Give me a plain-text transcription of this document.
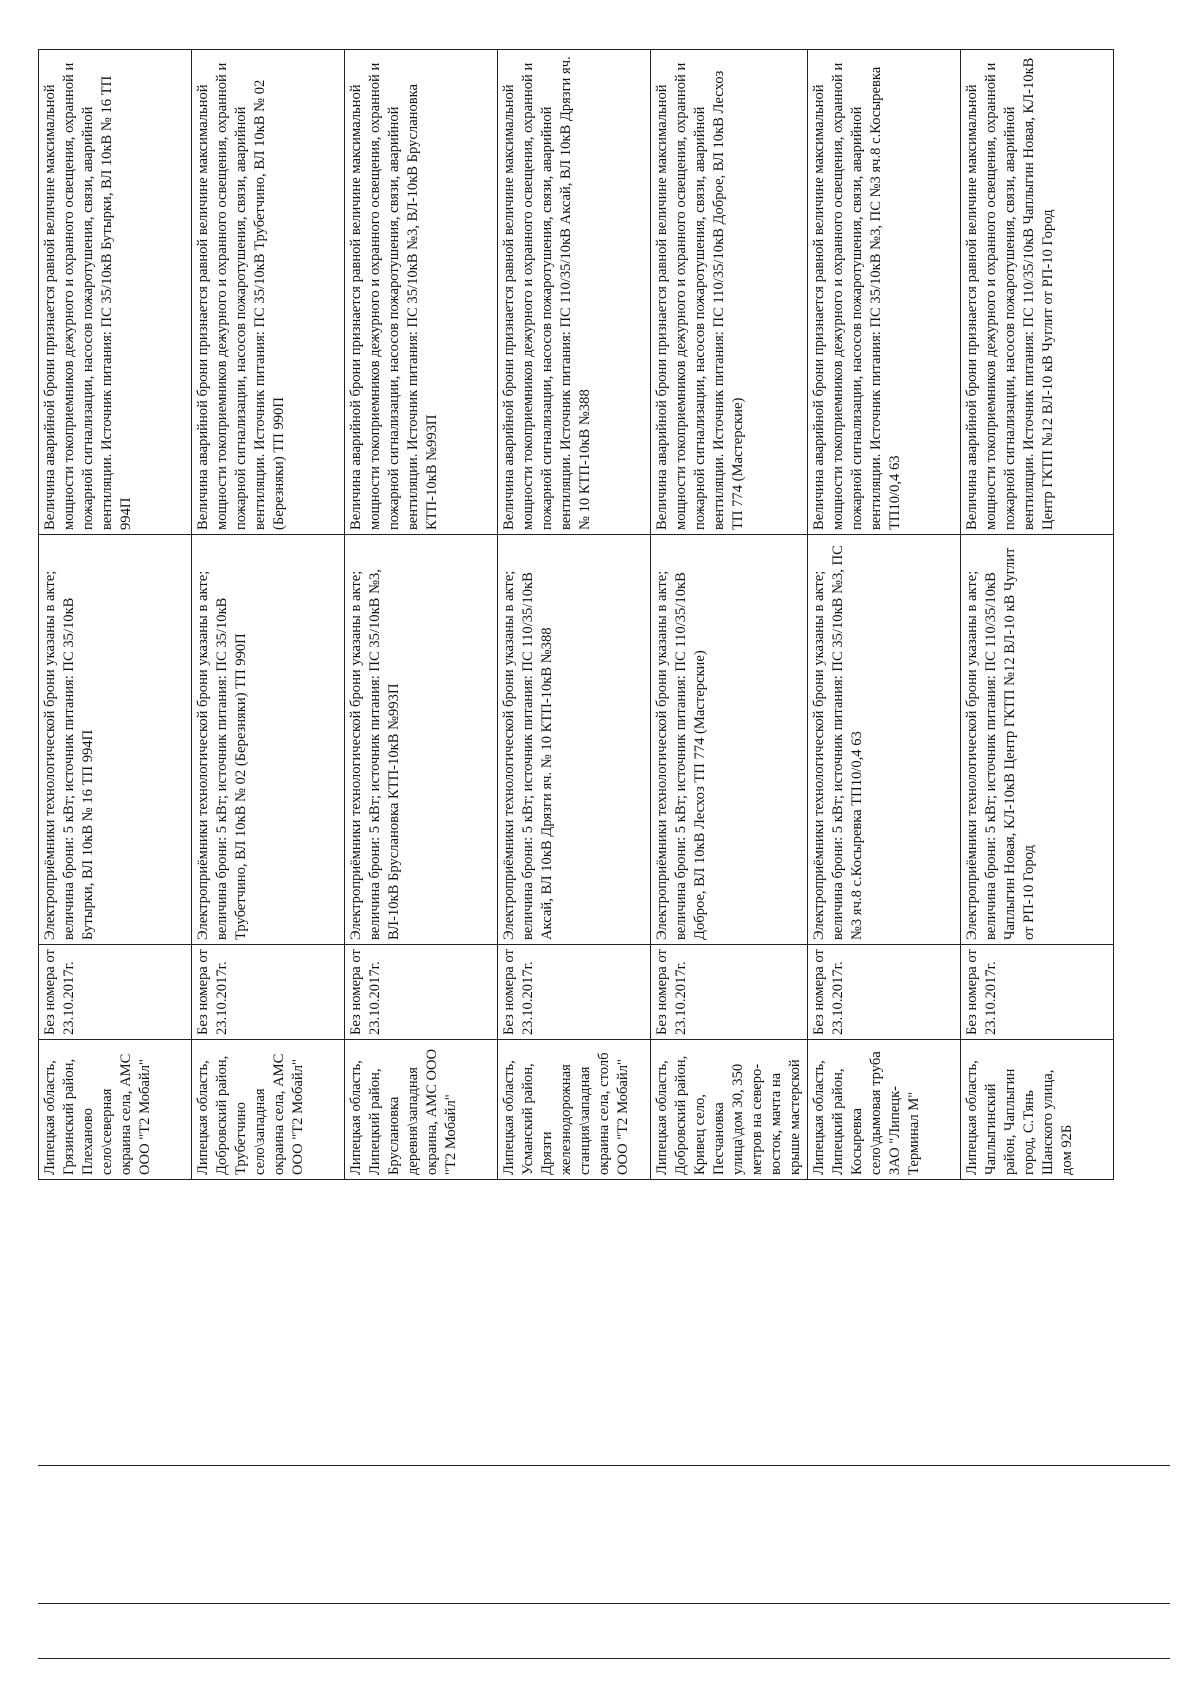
Липецкая область, Грязинский район, Плеханово село\северная окраина села, АМС ООО "Т2 Мобайл"	Без номера от 23.10.2017г.	Электроприёмники технологической брони указаны в акте; величина брони: 5 кВт; источник питания: ПС 35/10кВ Бутырки, ВЛ 10кВ № 16 ТП 994П	Величина аварийной брони признается равной величине максимальной мощности токоприемников дежурного и охранного освещения, охранной и пожарной сигнализации, насосов пожаротушения, связи, аварийной вентиляции. Источник питания: ПС 35/10кВ Бутырки, ВЛ 10кВ № 16 ТП 994П
Липецкая область, Добровский район, Трубетчино село\западная окраина села, АМС ООО "Т2 Мобайл"	Без номера от 23.10.2017г.	Электроприёмники технологической брони указаны в акте; величина брони: 5 кВт; источник питания: ПС 35/10кВ Трубетчино, ВЛ 10кВ № 02 (Березняки) ТП 990П	Величина аварийной брони признается равной величине максимальной мощности токоприемников дежурного и охранного освещения, охранной и пожарной сигнализации, насосов пожаротушения, связи, аварийной вентиляции. Источник питания: ПС 35/10кВ Трубетчино, ВЛ 10кВ № 02 (Березняки) ТП 990П
Липецкая область, Липецкий район, Бруслановка деревня\западная окраина, АМС ООО "Т2 Мобайл"	Без номера от 23.10.2017г.	Электроприёмники технологической брони указаны в акте; величина брони: 5 кВт; источник питания: ПС 35/10кВ №3, ВЛ-10кВ Бруслановка КТП-10кВ №993П	Величина аварийной брони признается равной величине максимальной мощности токоприемников дежурного и охранного освещения, охранной и пожарной сигнализации, насосов пожаротушения, связи, аварийной вентиляции. Источник питания: ПС 35/10кВ №3, ВЛ-10кВ Бруслановка КТП-10кВ №993П
Липецкая область, Усманский район, Дрязги железнодорожная станция\западная окраина села, столб ООО "Т2 Мобайл"	Без номера от 23.10.2017г.	Электроприёмники технологической брони указаны в акте; величина брони: 5 кВт; источник питания: ПС 110/35/10кВ Аксай, ВЛ 10кВ Дрязги яч. № 10 КТП-10кВ №388	Величина аварийной брони признается равной величине максимальной мощности токоприемников дежурного и охранного освещения, охранной и пожарной сигнализации, насосов пожаротушения, связи, аварийной вентиляции. Источник питания: ПС 110/35/10кВ Аксай, ВЛ 10кВ Дрязги яч. № 10 КТП-10кВ №388
Липецкая область, Добровский район, Кривец село, Песчановка улица\дом 30, 350 метров на северо-восток, мачта на крыше мастерской	Без номера от 23.10.2017г.	Электроприёмники технологической брони указаны в акте; величина брони: 5 кВт; источник питания: ПС 110/35/10кВ Доброе, ВЛ 10кВ Лесхоз ТП 774 (Мастерские)	Величина аварийной брони признается равной величине максимальной мощности токоприемников дежурного и охранного освещения, охранной и пожарной сигнализации, насосов пожаротушения, связи, аварийной вентиляции. Источник питания: ПС 110/35/10кВ Доброе, ВЛ 10кВ Лесхоз ТП 774 (Мастерские)
Липецкая область, Липецкий район, Косыревка село\дымовая труба ЗАО "Липецк-Терминал М"	Без номера от 23.10.2017г.	Электроприёмники технологической брони указаны в акте; величина брони: 5 кВт; источник питания: ПС 35/10кВ №3, ПС №3 яч.8 с.Косыревка ТП10/0,4 63	Величина аварийной брони признается равной величине максимальной мощности токоприемников дежурного и охранного освещения, охранной и пожарной сигнализации, насосов пожаротушения, связи, аварийной вентиляции. Источник питания: ПС 35/10кВ №3, ПС №3 яч.8 с.Косыревка ТП10/0,4 63
Липецкая область, Чаплыгинский район, Чаплыгин город, С.Тянь Шанского улица, дом 92Б	Без номера от 23.10.2017г.	Электроприёмники технологической брони указаны в акте; величина брони: 5 кВт; источник питания: ПС 110/35/10кВ Чаплыгин Новая, КЛ-10кВ Центр ГКТП №12 ВЛ-10 кВ Чуглит от РП-10 Город	Величина аварийной брони признается равной величине максимальной мощности токоприемников дежурного и охранного освещения, охранной и пожарной сигнализации, насосов пожаротушения, связи, аварийной вентиляции. Источник питания: ПС 110/35/10кВ Чаплыгин Новая, КЛ-10кВ Центр ГКТП №12 ВЛ-10 кВ Чуглит от РП-10 Город
